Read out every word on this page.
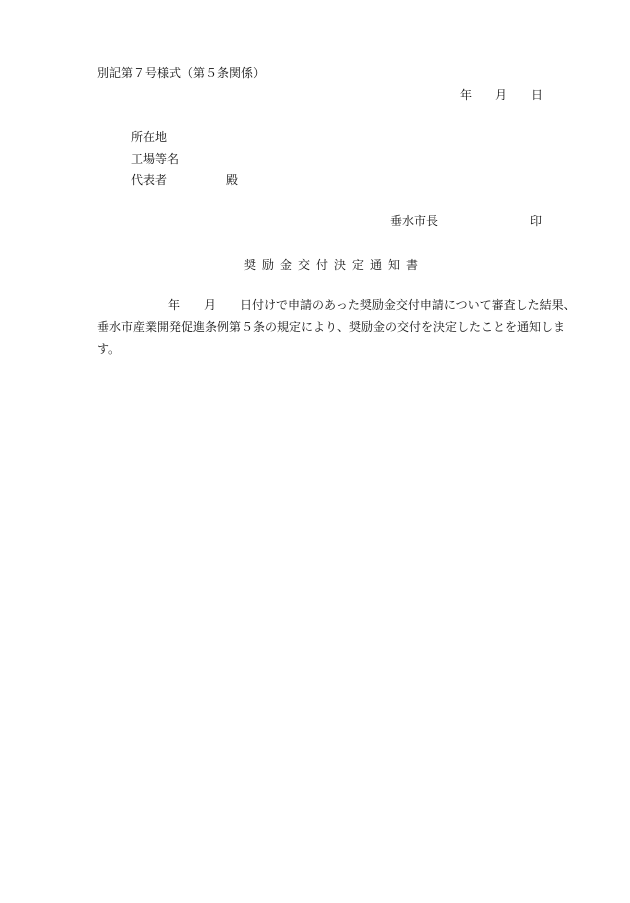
別記第７号様式（第５条関係）
年 月 日
所在地
工場等名
代表者	殿
垂水市長	印
奨励金交付決定通知書
年 月 日付けで申請のあった奨励金交付申請について審査した結果、
垂水市産業開発促進条例第５条の規定により、奨励金の交付を決定したことを通知しま
す。
